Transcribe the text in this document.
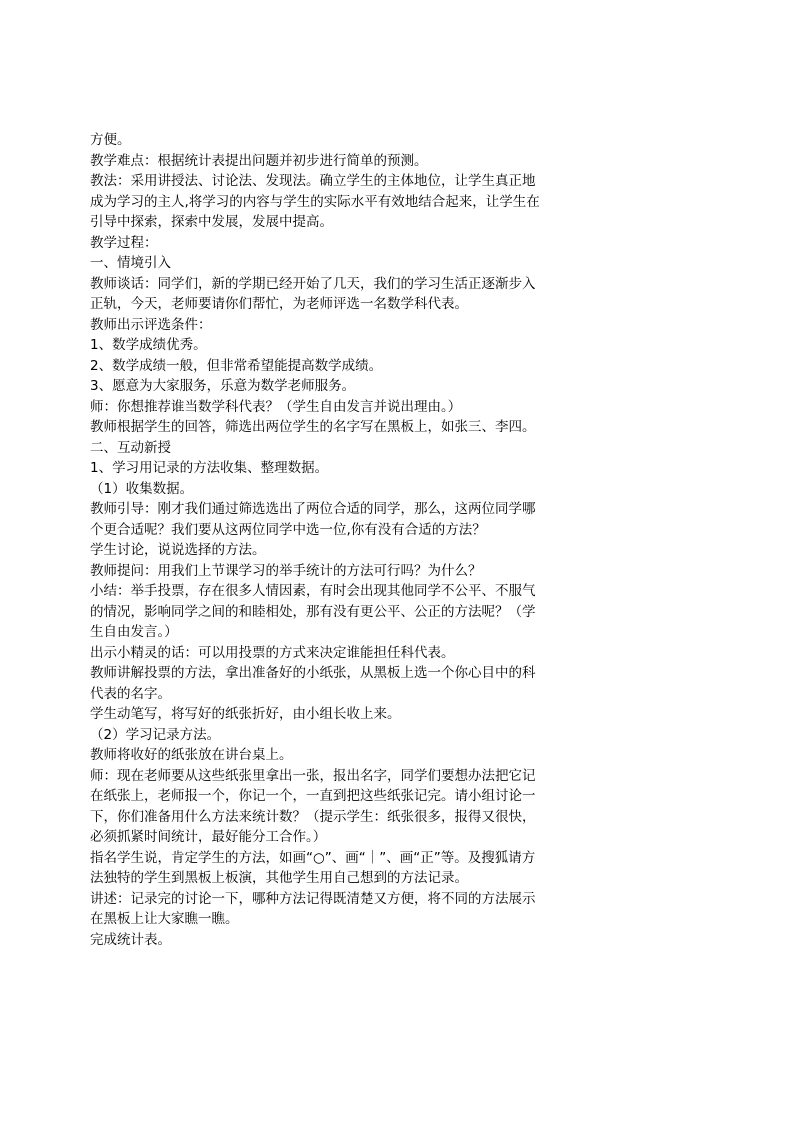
方便。

教学难点：根据统计表提出问题并初步进行简单的预测。

教法：采用讲授法、讨论法、发现法。确立学生的主体地位，让学生真正地成为学习的主人,将学习的内容与学生的实际水平有效地结合起来，让学生在引导中探索，探索中发展，发展中提高。

教学过程：

一、情境引入

教师谈话：同学们，新的学期已经开始了几天，我们的学习生活正逐渐步入正轨，今天，老师要请你们帮忙，为老师评选一名数学科代表。

教师出示评选条件：

1、数学成绩优秀。

2、数学成绩一般，但非常希望能提高数学成绩。

3、愿意为大家服务，乐意为数学老师服务。

师：你想推荐谁当数学科代表？（学生自由发言并说出理由。）

教师根据学生的回答，筛选出两位学生的名字写在黑板上，如张三、李四。

二、互动新授

1、学习用记录的方法收集、整理数据。

（1）收集数据。

教师引导：刚才我们通过筛选选出了两位合适的同学，那么，这两位同学哪个更合适呢？我们要从这两位同学中选一位,你有没有合适的方法？

学生讨论，说说选择的方法。

教师提问：用我们上节课学习的举手统计的方法可行吗？为什么？

小结：举手投票，存在很多人情因素，有时会出现其他同学不公平、不服气的情况，影响同学之间的和睦相处，那有没有更公平、公正的方法呢？（学生自由发言。）

出示小精灵的话：可以用投票的方式来决定谁能担任科代表。

教师讲解投票的方法，拿出准备好的小纸张，从黑板上选一个你心目中的科代表的名字。

学生动笔写，将写好的纸张折好，由小组长收上来。

（2）学习记录方法。

教师将收好的纸张放在讲台桌上。

师：现在老师要从这些纸张里拿出一张，报出名字，同学们要想办法把它记在纸张上，老师报一个，你记一个，一直到把这些纸张记完。请小组讨论一下，你们准备用什么方法来统计数？（提示学生：纸张很多，报得又很快，必须抓紧时间统计，最好能分工合作。）

指名学生说，肯定学生的方法，如画“○”、画“｜”、画“正”等。及搜狐请方法独特的学生到黑板上板演，其他学生用自己想到的方法记录。

讲述：记录完的讨论一下，哪种方法记得既清楚又方便，将不同的方法展示在黑板上让大家瞧一瞧。

完成统计表。
